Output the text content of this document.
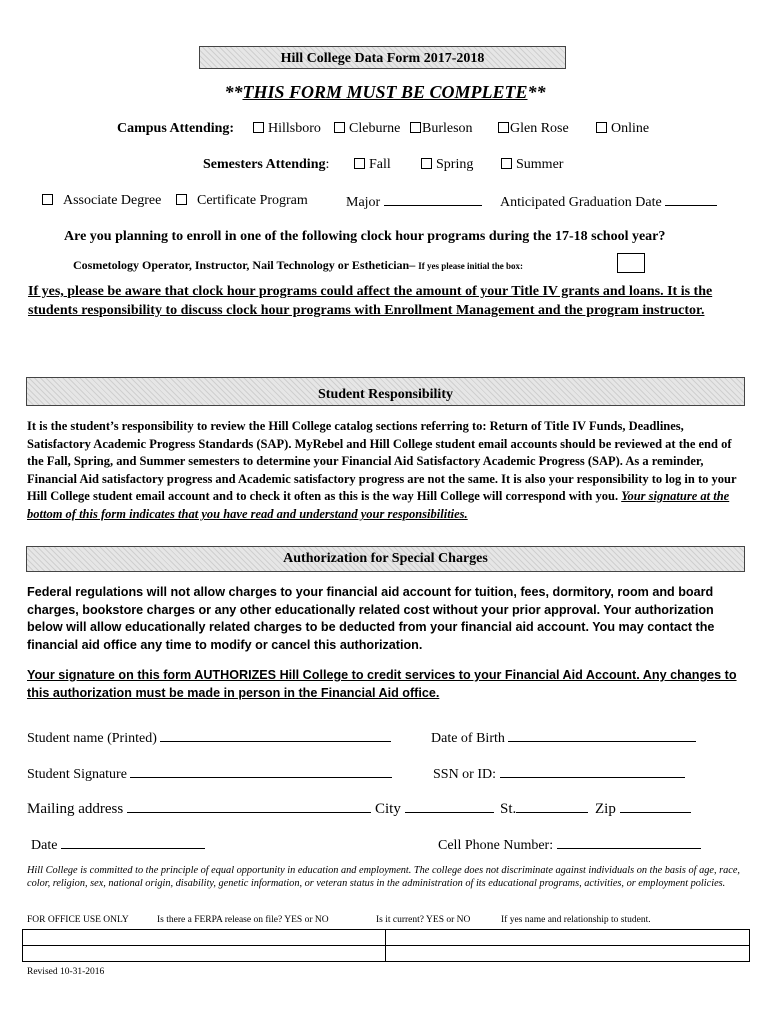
Hill College Data Form 2017-2018
**THIS FORM MUST BE COMPLETE**
Campus Attending:	Hillsboro	Cleburne	Burleson	Glen Rose	Online
Semesters Attending:	Fall	Spring	Summer
Associate Degree	Certificate Program	Major	Anticipated Graduation Date
Are you planning to enroll in one of the following clock hour programs during the 17-18 school year?
Cosmetology Operator, Instructor, Nail Technology or Esthetician– If yes please initial the box:
If yes, please be aware that clock hour programs could affect the amount of your Title IV grants and loans. It is the students responsibility to discuss clock hour programs with Enrollment Management and the program instructor.
Student Responsibility
It is the student’s responsibility to review the Hill College catalog sections referring to: Return of Title IV Funds, Deadlines, Satisfactory Academic Progress Standards (SAP). MyRebel and Hill College student email accounts should be reviewed at the end of the Fall, Spring, and Summer semesters to determine your Financial Aid Satisfactory Academic Progress (SAP). As a reminder, Financial Aid satisfactory progress and Academic satisfactory progress are not the same. It is also your responsibility to log in to your Hill College student email account and to check it often as this is the way Hill College will correspond with you. Your signature at the bottom of this form indicates that you have read and understand your responsibilities.
Authorization for Special Charges
Federal regulations will not allow charges to your financial aid account for tuition, fees, dormitory, room and board charges, bookstore charges or any other educationally related cost without your prior approval. Your authorization below will allow educationally related charges to be deducted from your financial aid account. You may contact the financial aid office any time to modify or cancel this authorization.
Your signature on this form AUTHORIZES Hill College to credit services to your Financial Aid Account. Any changes to this authorization must be made in person in the Financial Aid office.
Student name (Printed)	Date of Birth
Student Signature	SSN or ID:
Mailing address	City	St.	Zip
Date	Cell Phone Number:
Hill College is committed to the principle of equal opportunity in education and employment. The college does not discriminate against individuals on the basis of age, race, color, religion, sex, national origin, disability, genetic information, or veteran status in the administration of its educational programs, activities, or employment policies.
FOR OFFICE USE ONLY	Is there a FERPA release on file? YES or NO	Is it current? YES or NO	If yes name and relationship to student.

Revised 10-31-2016
